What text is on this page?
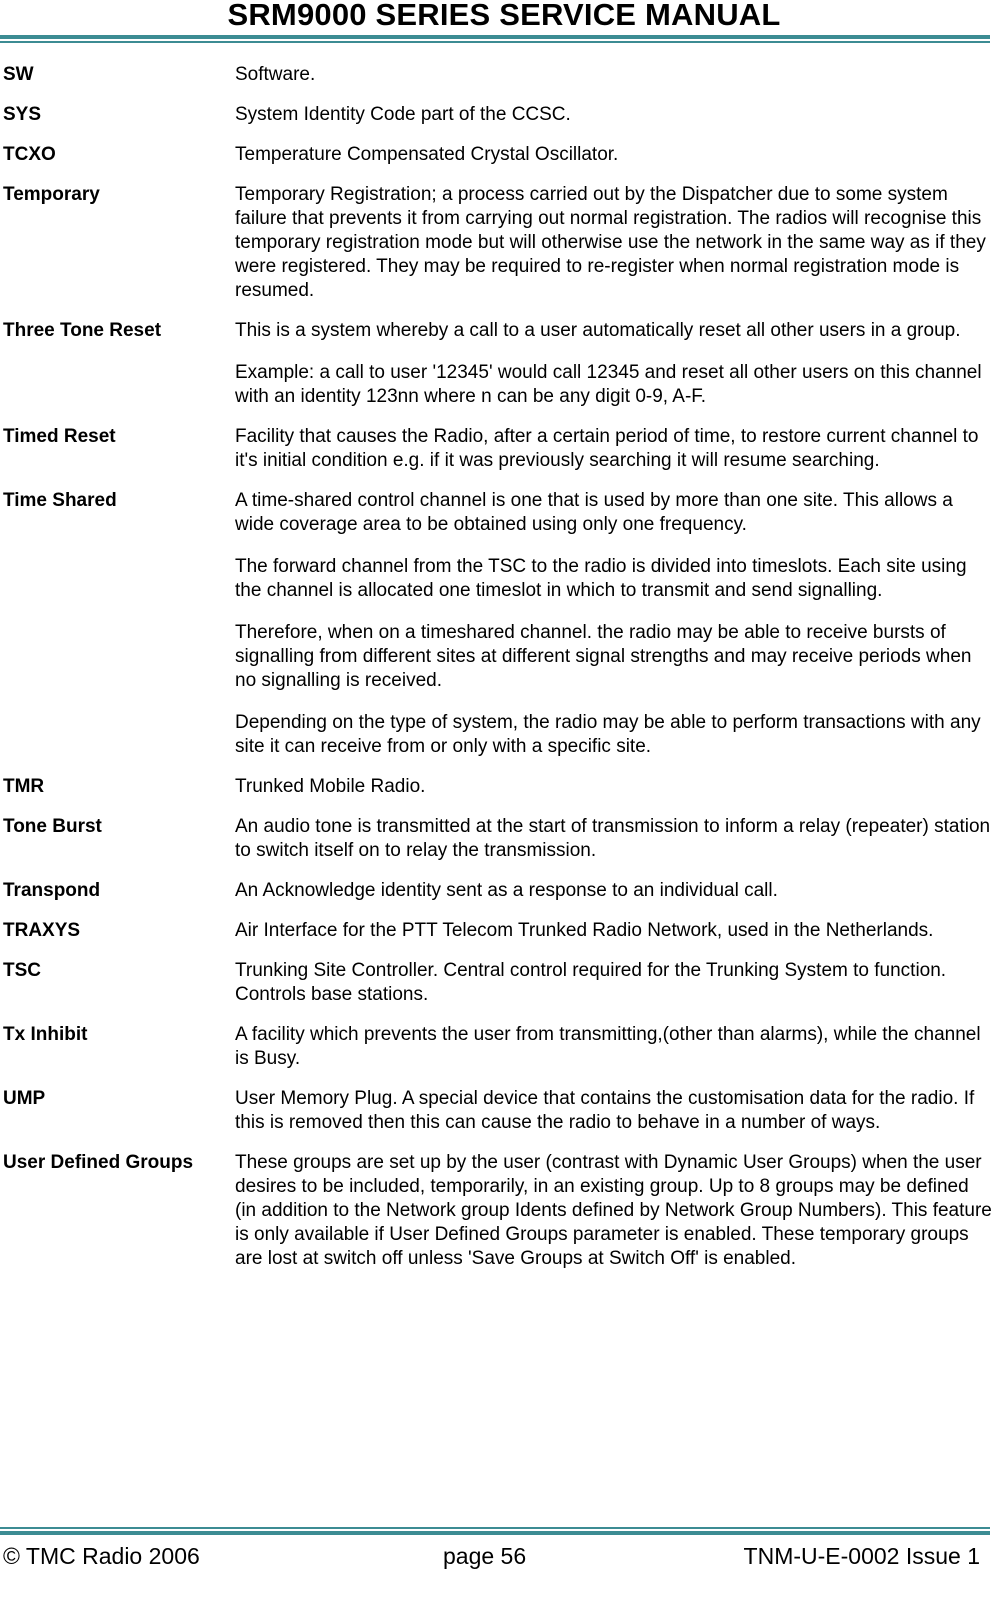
SRM9000 SERIES SERVICE MANUAL
SW	Software.

SYS	System Identity Code part of the CCSC.

TCXO	Temperature Compensated Crystal Oscillator.

Temporary	Temporary Registration; a process carried out by the Dispatcher due to some system failure that prevents it from carrying out normal registration. The radios will recognise this temporary registration mode but will otherwise use the network in the same way as if they were registered. They may be required to re-register when normal registration mode is resumed.

Three Tone Reset	This is a system whereby a call to a user automatically reset all other users in a group.

Example: a call to user '12345' would call 12345 and reset all other users on this channel with an identity 123nn where n can be any digit 0-9, A-F.

Timed Reset	Facility that causes the Radio, after a certain period of time, to restore current channel to it's initial condition e.g. if it was previously searching it will resume searching.

Time Shared	A time-shared control channel is one that is used by more than one site. This allows a wide coverage area to be obtained using only one frequency.

The forward channel from the TSC to the radio is divided into timeslots. Each site using the channel is allocated one timeslot in which to transmit and send signalling.

Therefore, when on a timeshared channel. the radio may be able to receive bursts of signalling from different sites at different signal strengths and may receive periods when no signalling is received.

Depending on the type of system, the radio may be able to perform transactions with any site it can receive from or only with a specific site.

TMR	Trunked Mobile Radio.

Tone Burst	An audio tone is transmitted at the start of transmission to inform a relay (repeater) station to switch itself on to relay the transmission.

Transpond	An Acknowledge identity sent as a response to an individual call.

TRAXYS	Air Interface for the PTT Telecom Trunked Radio Network, used in the Netherlands.

TSC	Trunking Site Controller. Central control required for the Trunking System to function. Controls base stations.

Tx Inhibit	A facility which prevents the user from transmitting,(other than alarms), while the channel is Busy.

UMP	User Memory Plug. A special device that contains the customisation data for the radio. If this is removed then this can cause the radio to behave in a number of ways.

User Defined Groups	These groups are set up by the user (contrast with Dynamic User Groups) when the user desires to be included, temporarily, in an existing group. Up to 8 groups may be defined (in addition to the Network group Idents defined by Network Group Numbers). This feature is only available if User Defined Groups parameter is enabled. These temporary groups are lost at switch off unless 'Save Groups at Switch Off' is enabled.

© TMC Radio 2006	page 56	TNM-U-E-0002 Issue 1
